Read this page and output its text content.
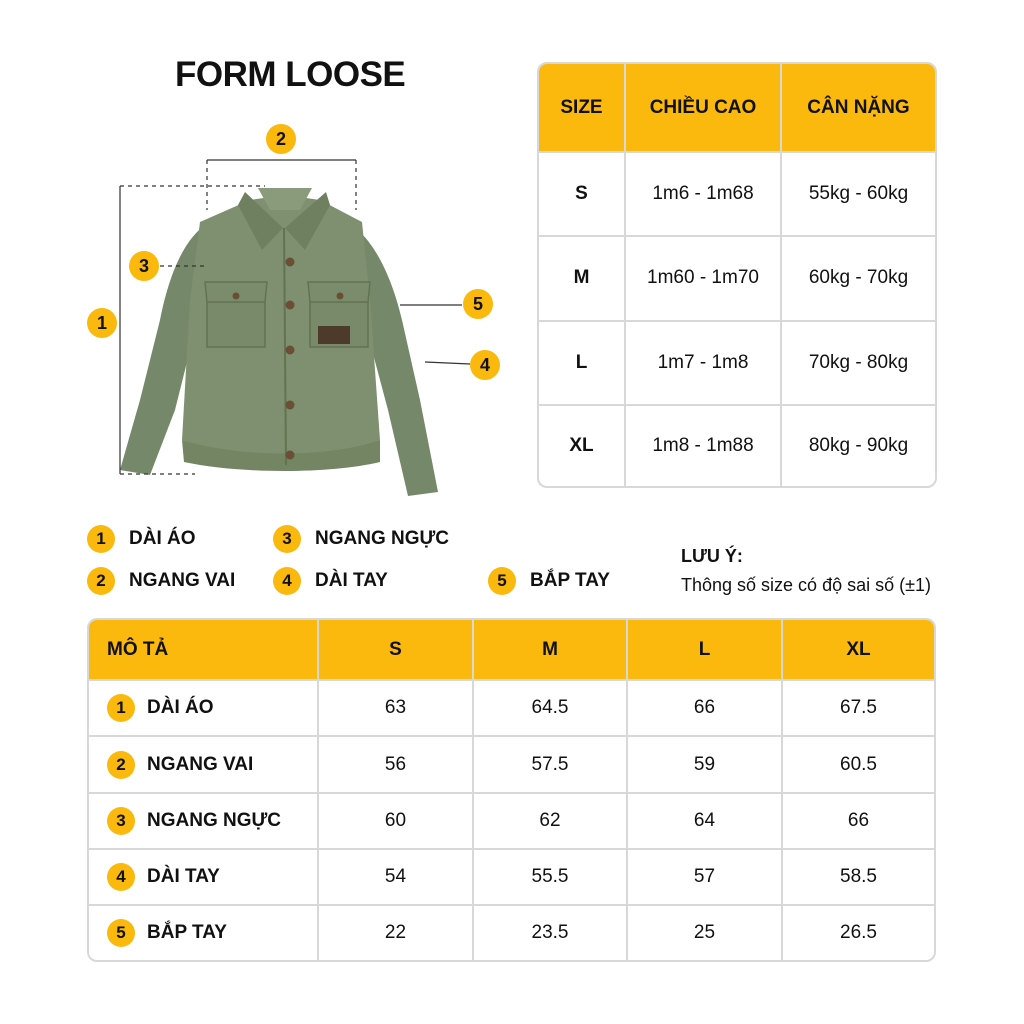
FORM LOOSE
2
3
1
5
4
SIZE	CHIỀU CAO	CÂN NẶNG
S	1m6 - 1m68	55kg - 60kg
M	1m60 - 1m70	60kg - 70kg
L	1m7 - 1m8	70kg - 80kg
XL	1m8 - 1m88	80kg - 90kg
1	DÀI ÁO
2	NGANG VAI
3	NGANG NGỰC
4	DÀI TAY	5	BẮP TAY
LƯU Ý:
Thông số size có độ sai số (±1)
MÔ TẢ	S	M	L	XL

1 DÀI ÁO	63	64.5	66	67.5

2 NGANG VAI	56	57.5	59	60.5

3 NGANG NGỰC	60	62	64	66

4 DÀI TAY	54	55.5	57	58.5

5 BẮP TAY	22	23.5	25	26.5
